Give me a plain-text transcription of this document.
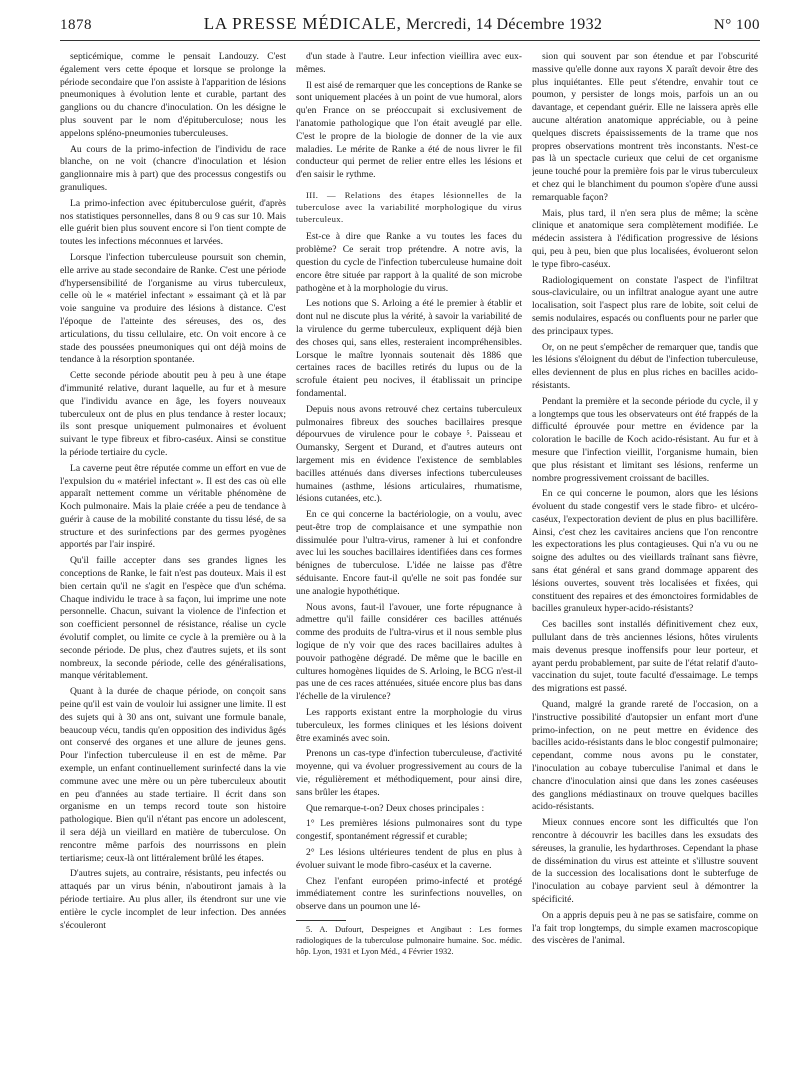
1878	LA PRESSE MÉDICALE, Mercredi, 14 Décembre 1932	N° 100

septicémique, comme le pensait Landouzy. C'est également vers cette époque et lorsque se prolonge la période secondaire que l'on assiste à l'apparition de lésions pneumoniques à évolution lente et curable, partant des ganglions ou du chancre d'inoculation. On les désigne le plus souvent par le nom d'épituberculose; nous les appelons spléno-pneumonies tuberculeuses.

Au cours de la primo-infection de l'individu de race blanche, on ne voit (chancre d'inoculation et lésion ganglionnaire mis à part) que des processus congestifs ou granuliques.

La primo-infection avec épituberculose guérit, d'après nos statistiques personnelles, dans 8 ou 9 cas sur 10. Mais elle guérit bien plus souvent encore si l'on tient compte de toutes les infections méconnues et larvées.

Lorsque l'infection tuberculeuse poursuit son chemin, elle arrive au stade secondaire de Ranke. C'est une période d'hypersensibilité de l'organisme au virus tuberculeux, celle où le « matériel infectant » essaimant çà et là par voie sanguine va produire des lésions à distance. C'est l'époque de l'atteinte des séreuses, des os, des articulations, du tissu cellulaire, etc. On voit encore à ce stade des poussées pneumoniques qui ont déjà moins de tendance à la résorption spontanée.

Cette seconde période aboutit peu à peu à une étape d'immunité relative, durant laquelle, au fur et à mesure que l'individu avance en âge, les foyers nouveaux tuberculeux ont de plus en plus tendance à rester locaux; ils sont presque uniquement pulmonaires et évoluent suivant le type fibreux et fibro-caséux. Ainsi se constitue la période tertiaire du cycle.

La caverne peut être réputée comme un effort en vue de l'expulsion du « matériel infectant ». Il est des cas où elle apparaît nettement comme un véritable phénomène de Koch pulmonaire. Mais la plaie créée a peu de tendance à guérir à cause de la mobilité constante du tissu lésé, de sa structure et des surinfections par des germes pyogènes apportés par l'air inspiré.

Qu'il faille accepter dans ses grandes lignes les conceptions de Ranke, le fait n'est pas douteux. Mais il est bien certain qu'il ne s'agit en l'espèce que d'un schéma. Chaque individu le trace à sa façon, lui imprime une note personnelle. Chacun, suivant la violence de l'infection et son coefficient personnel de résistance, réalise un cycle évolutif complet, ou limite ce cycle à la première ou à la seconde période. De plus, chez d'autres sujets, et ils sont nombreux, la seconde période, celle des généralisations, manque véritablement.

Quant à la durée de chaque période, on conçoit sans peine qu'il est vain de vouloir lui assigner une limite. Il est des sujets qui à 30 ans ont, suivant une formule banale, beaucoup vécu, tandis qu'en opposition des individus âgés ont conservé des organes et une allure de jeunes gens. Pour l'infection tuberculeuse il en est de même. Par exemple, un enfant continuellement surinfecté dans la vie commune avec une mère ou un père tuberculeux aboutit en peu d'années au stade tertiaire. Il écrit dans son organisme en un temps record toute son histoire pathologique. Bien qu'il n'étant pas encore un adolescent, il sera déjà un vieillard en matière de tuberculose. On rencontre même parfois des nourrissons en plein tertiarisme; ceux-là ont littéralement brûlé les étapes.

D'autres sujets, au contraire, résistants, peu infectés ou attaqués par un virus bénin, n'aboutiront jamais à la période tertiaire. Au plus aller, ils étendront sur une vie entière le cycle incomplet de leur infection. Des années s'écouleront

d'un stade à l'autre. Leur infection vieillira avec eux-mêmes.

Il est aisé de remarquer que les conceptions de Ranke se sont uniquement placées à un point de vue humoral, alors qu'en France on se préoccupait si exclusivement de l'anatomie pathologique que l'on était aveuglé par elle. C'est le propre de la biologie de donner de la vie aux maladies. Le mérite de Ranke a été de nous livrer le fil conducteur qui permet de relier entre elles les lésions et d'en saisir le rythme.

III. — Relations des étapes lésionnelles de la tuberculose avec la variabilité morphologique du virus tuberculeux.

Est-ce à dire que Ranke a vu toutes les faces du problème? Ce serait trop prétendre. A notre avis, la question du cycle de l'infection tuberculeuse humaine doit encore être située par rapport à la qualité de son microbe pathogène et à la morphologie du virus.

Les notions que S. Arloing a été le premier à établir et dont nul ne discute plus la vérité, à savoir la variabilité de la virulence du germe tuberculeux, expliquent déjà bien des choses qui, sans elles, resteraient incompréhensibles. Lorsque le maître lyonnais soutenait dès 1886 que certaines races de bacilles retirés du lupus ou de la scrofule étaient peu nocives, il établissait un principe fondamental.

Depuis nous avons retrouvé chez certains tuberculeux pulmonaires fibreux des souches bacillaires presque dépourvues de virulence pour le cobaye ⁵. Paisseau et Oumansky, Sergent et Durand, et d'autres auteurs ont largement mis en évidence l'existence de semblables bacilles atténués dans diverses infections tuberculeuses humaines (asthme, lésions articulaires, rhumatisme, lésions cutanées, etc.).

En ce qui concerne la bactériologie, on a voulu, avec peut-être trop de complaisance et une sympathie non dissimulée pour l'ultra-virus, ramener à lui et confondre avec lui les souches bacillaires identifiées dans ces formes bénignes de tuberculose. L'idée ne laisse pas d'être séduisante. Encore faut-il qu'elle ne soit pas fondée sur une analogie hypothétique.

Nous avons, faut-il l'avouer, une forte répugnance à admettre qu'il faille considérer ces bacilles atténués comme des produits de l'ultra-virus et il nous semble plus logique de n'y voir que des races bacillaires adultes à pouvoir pathogène dégradé. De même que le bacille en cultures homogènes liquides de S. Arloing, le BCG n'est-il pas une de ces races atténuées, située encore plus bas dans l'échelle de la virulence?

Les rapports existant entre la morphologie du virus tuberculeux, les formes cliniques et les lésions doivent être examinés avec soin.

Prenons un cas-type d'infection tuberculeuse, d'activité moyenne, qui va évoluer progressivement au cours de la vie, régulièrement et méthodiquement, pour ainsi dire, sans brûler les étapes.

Que remarque-t-on? Deux choses principales :

1° Les premières lésions pulmonaires sont du type congestif, spontanément régressif et curable;

2° Les lésions ultérieures tendent de plus en plus à évoluer suivant le mode fibro-caséux et la caverne.

Chez l'enfant européen primo-infecté et protégé immédiatement contre les surinfections nouvelles, on observe dans un poumon une lé-

5. A. Dufourt, Despeignes et Angibaut : Les formes radiologiques de la tuberculose pulmonaire humaine. Soc. médic. hôp. Lyon, 1931 et Lyon Méd., 4 Février 1932.

sion qui souvent par son étendue et par l'obscurité massive qu'elle donne aux rayons X paraît devoir être des plus inquiétantes. Elle peut s'étendre, envahir tout ce poumon, y persister de longs mois, parfois un an ou davantage, et cependant guérir. Elle ne laissera après elle aucune altération anatomique appréciable, ou à peine quelques discrets épaississements de la trame que nos propres observations montrent très inconstants. N'est-ce pas là un spectacle curieux que celui de cet organisme jeune touché pour la première fois par le virus tuberculeux et chez qui le blanchiment du poumon s'opère d'une aussi remarquable façon?

Mais, plus tard, il n'en sera plus de même; la scène clinique et anatomique sera complètement modifiée. Le médecin assistera à l'édification progressive de lésions qui, peu à peu, bien que plus localisées, évolueront selon le type fibro-caséux.

Radiologiquement on constate l'aspect de l'infiltrat sous-claviculaire, ou un infiltrat analogue ayant une autre localisation, soit l'aspect plus rare de lobite, soit celui de semis nodulaires, espacés ou confluents pour ne parler que des principaux types.

Or, on ne peut s'empêcher de remarquer que, tandis que les lésions s'éloignent du début de l'infection tuberculeuse, elles deviennent de plus en plus riches en bacilles acido-résistants.

Pendant la première et la seconde période du cycle, il y a longtemps que tous les observateurs ont été frappés de la difficulté éprouvée pour mettre en évidence par la coloration le bacille de Koch acido-résistant. Au fur et à mesure que l'infection vieillit, l'organisme humain, bien que plus résistant et limitant ses lésions, renferme un nombre progressivement croissant de bacilles.

En ce qui concerne le poumon, alors que les lésions évoluent du stade congestif vers le stade fibro- et ulcéro-caséux, l'expectoration devient de plus en plus bacillifère. Ainsi, c'est chez les cavitaires anciens que l'on rencontre les expectorations les plus contagieuses. Qui n'a vu ou ne soigne des adultes ou des vieillards traînant sans fièvre, sans état général et sans grand dommage apparent des lésions ouvertes, souvent très localisées et fixées, qui constituent des repaires et des émonctoires formidables de bacilles granuleux hyper-acido-résistants?

Ces bacilles sont installés définitivement chez eux, pullulant dans de très anciennes lésions, hôtes virulents mais devenus presque inoffensifs pour leur porteur, et ayant perdu probablement, par suite de l'état relatif d'auto-vaccination du sujet, toute faculté d'essaimage. Le temps des migrations est passé.

Quand, malgré la grande rareté de l'occasion, on a l'instructive possibilité d'autopsier un enfant mort d'une primo-infection, on ne peut mettre en évidence des bacilles acido-résistants dans le bloc congestif pulmonaire; cependant, comme nous avons pu le constater, l'inoculation au cobaye tuberculise l'animal et dans le chancre d'inoculation ainsi que dans les zones caséeuses des ganglions médiastinaux on trouve quelques bacilles acido-résistants.

Mieux connues encore sont les difficultés que l'on rencontre à découvrir les bacilles dans les exsudats des séreuses, la granulie, les hydarthroses. Cependant la phase de dissémination du virus est atteinte et s'illustre souvent de la succession des localisations dont le subterfuge de l'inoculation au cobaye parvient seul à démontrer la spécificité.

On a appris depuis peu à ne pas se satisfaire, comme on l'a fait trop longtemps, du simple examen macroscopique des viscères de l'animal.
